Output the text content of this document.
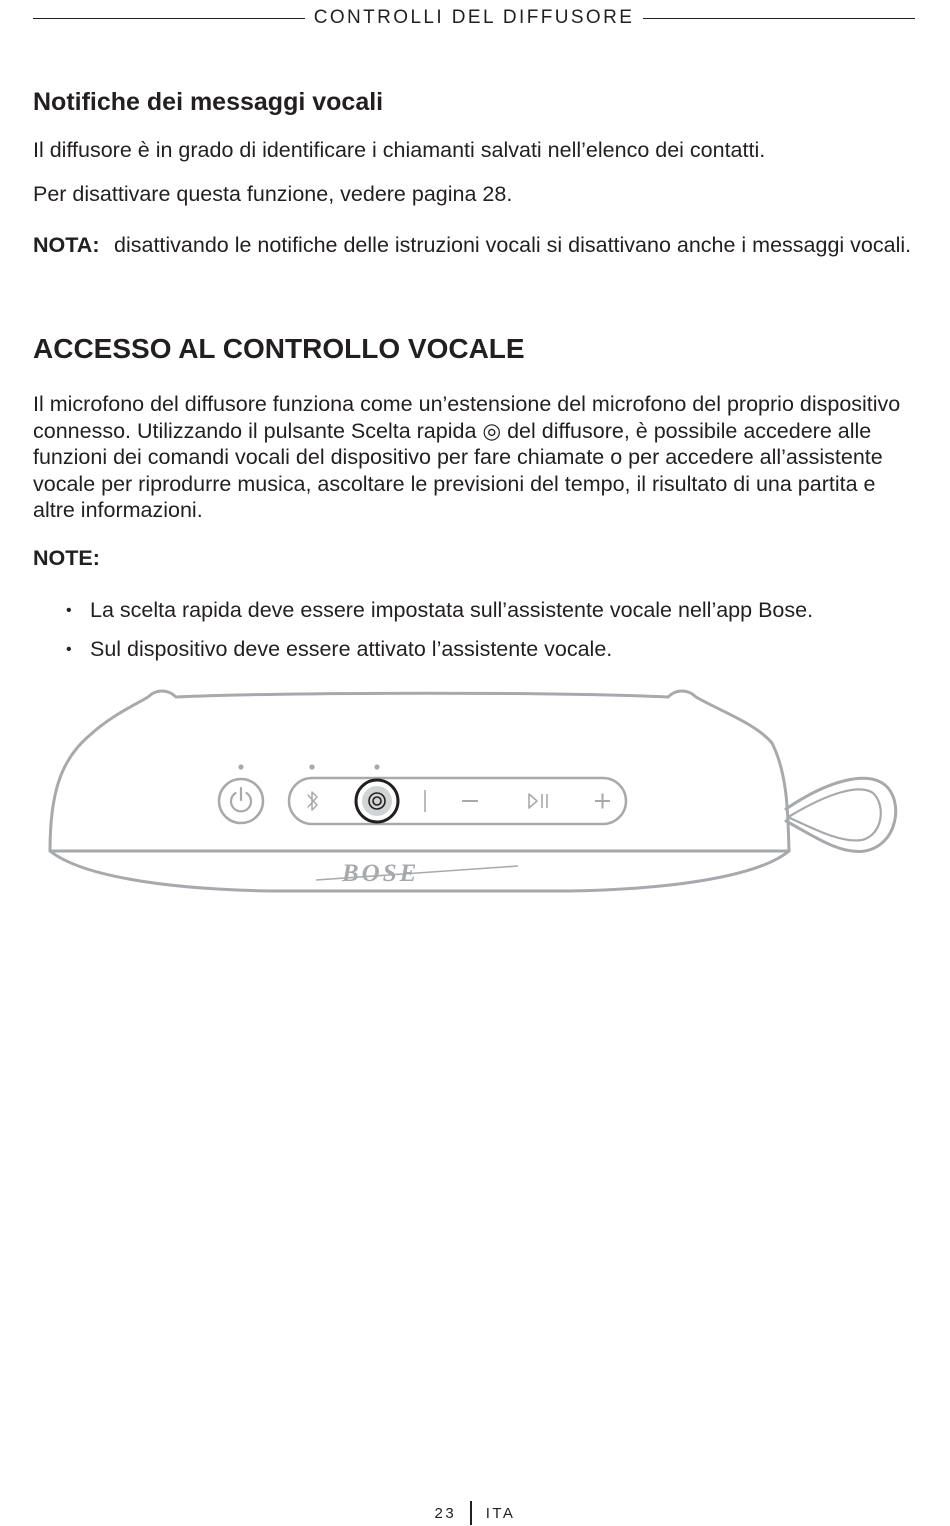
CONTROLLI DEL DIFFUSORE
Notifiche dei messaggi vocali

Il diffusore è in grado di identificare i chiamanti salvati nell’elenco dei contatti.

Per disattivare questa funzione, vedere pagina 28.

NOTA: disattivando le notifiche delle istruzioni vocali si disattivano anche i messaggi vocali.
ACCESSO AL CONTROLLO VOCALE

Il microfono del diffusore funziona come un’estensione del microfono del proprio dispositivo connesso. Utilizzando il pulsante Scelta rapida ◎ del diffusore, è possibile accedere alle funzioni dei comandi vocali del dispositivo per fare chiamate o per accedere all’assistente vocale per riprodurre musica, ascoltare le previsioni del tempo, il risultato di una partita e altre informazioni.

NOTE:
• La scelta rapida deve essere impostata sull’assistente vocale nell’app Bose.
• Sul dispositivo deve essere attivato l’assistente vocale.
BOSE
23 ITA
